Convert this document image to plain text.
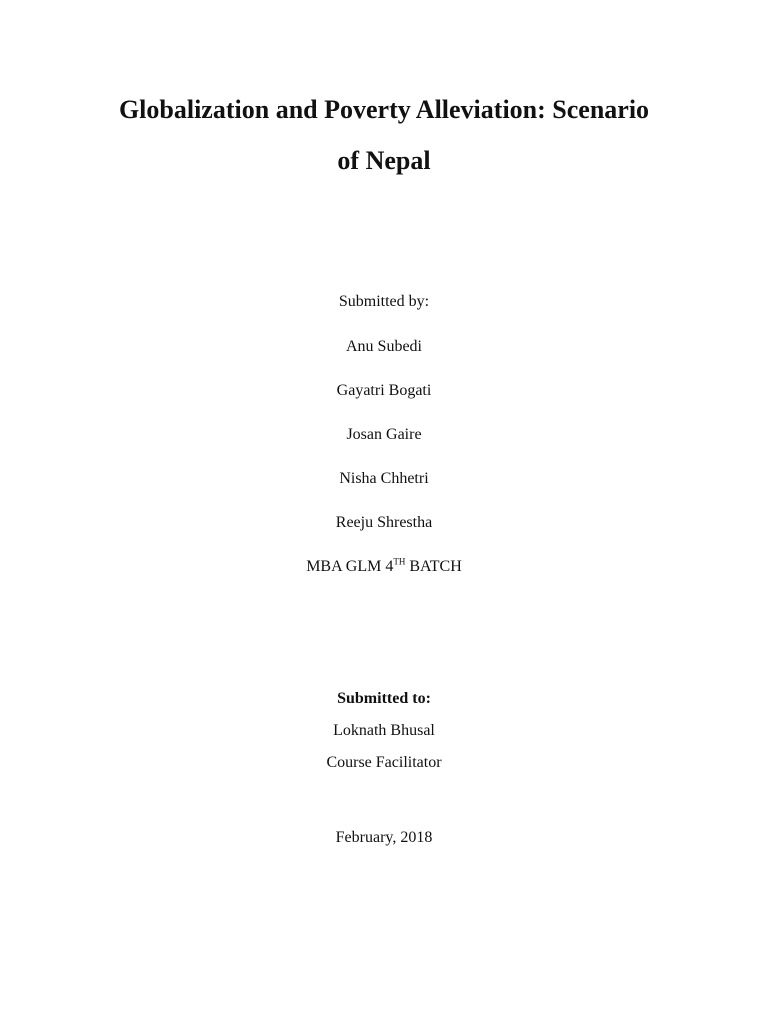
Globalization and Poverty Alleviation: Scenario
of Nepal
Submitted by:
Anu Subedi
Gayatri Bogati
Josan Gaire
Nisha Chhetri
Reeju Shrestha
MBA GLM 4TH BATCH
Submitted to:
Loknath Bhusal
Course Facilitator
February, 2018
